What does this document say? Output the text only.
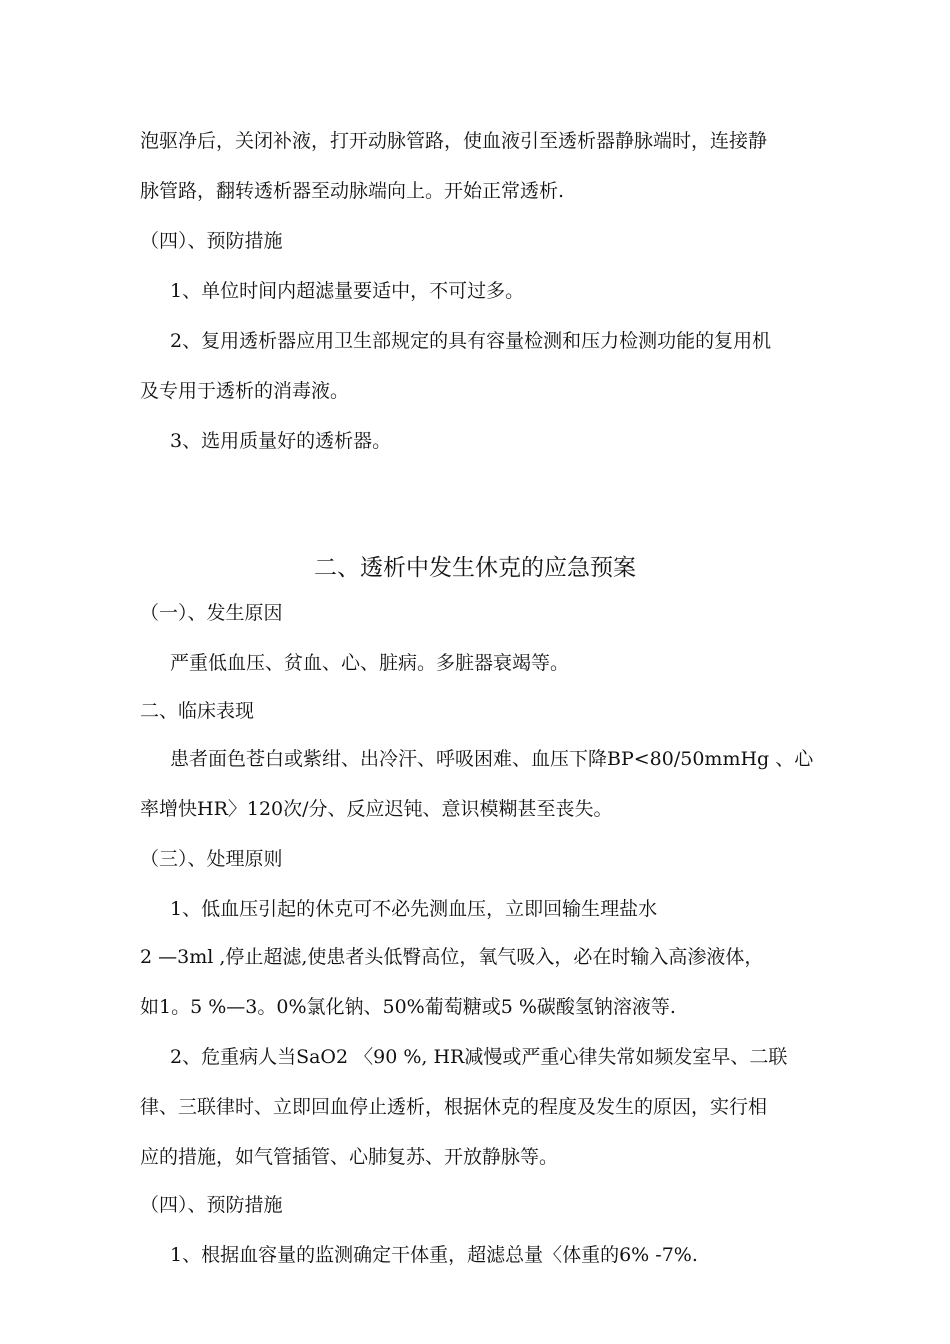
泡驱净后，关闭补液，打开动脉管路，使血液引至透析器静脉端时，连接静
脉管路，翻转透析器至动脉端向上。开始正常透析.
（四）、预防措施
1、单位时间内超滤量要适中，不可过多。
2、复用透析器应用卫生部规定的具有容量检测和压力检测功能的复用机
及专用于透析的消毒液。
3、选用质量好的透析器。
二、透析中发生休克的应急预案
（一）、发生原因
严重低血压、贫血、心、脏病。多脏器衰竭等。
二、临床表现
患者面色苍白或紫绀、出冷汗、呼吸困难、血压下降BP<80/50mmHg 、心
率增快HR〉120次/分、反应迟钝、意识模糊甚至丧失。
（三）、处理原则
1、低血压引起的休克可不必先测血压，立即回输生理盐水
2 —3ml ,停止超滤,使患者头低臀高位，氧气吸入，必在时输入高渗液体，
如1。5 %—3。0%氯化钠、50%葡萄糖或5 %碳酸氢钠溶液等.
2、危重病人当SaO2 〈90 %, HR减慢或严重心律失常如频发室早、二联
律、三联律时、立即回血停止透析，根据休克的程度及发生的原因，实行相
应的措施，如气管插管、心肺复苏、开放静脉等。
（四）、预防措施
1、根据血容量的监测确定干体重，超滤总量〈体重的6% -7%.
